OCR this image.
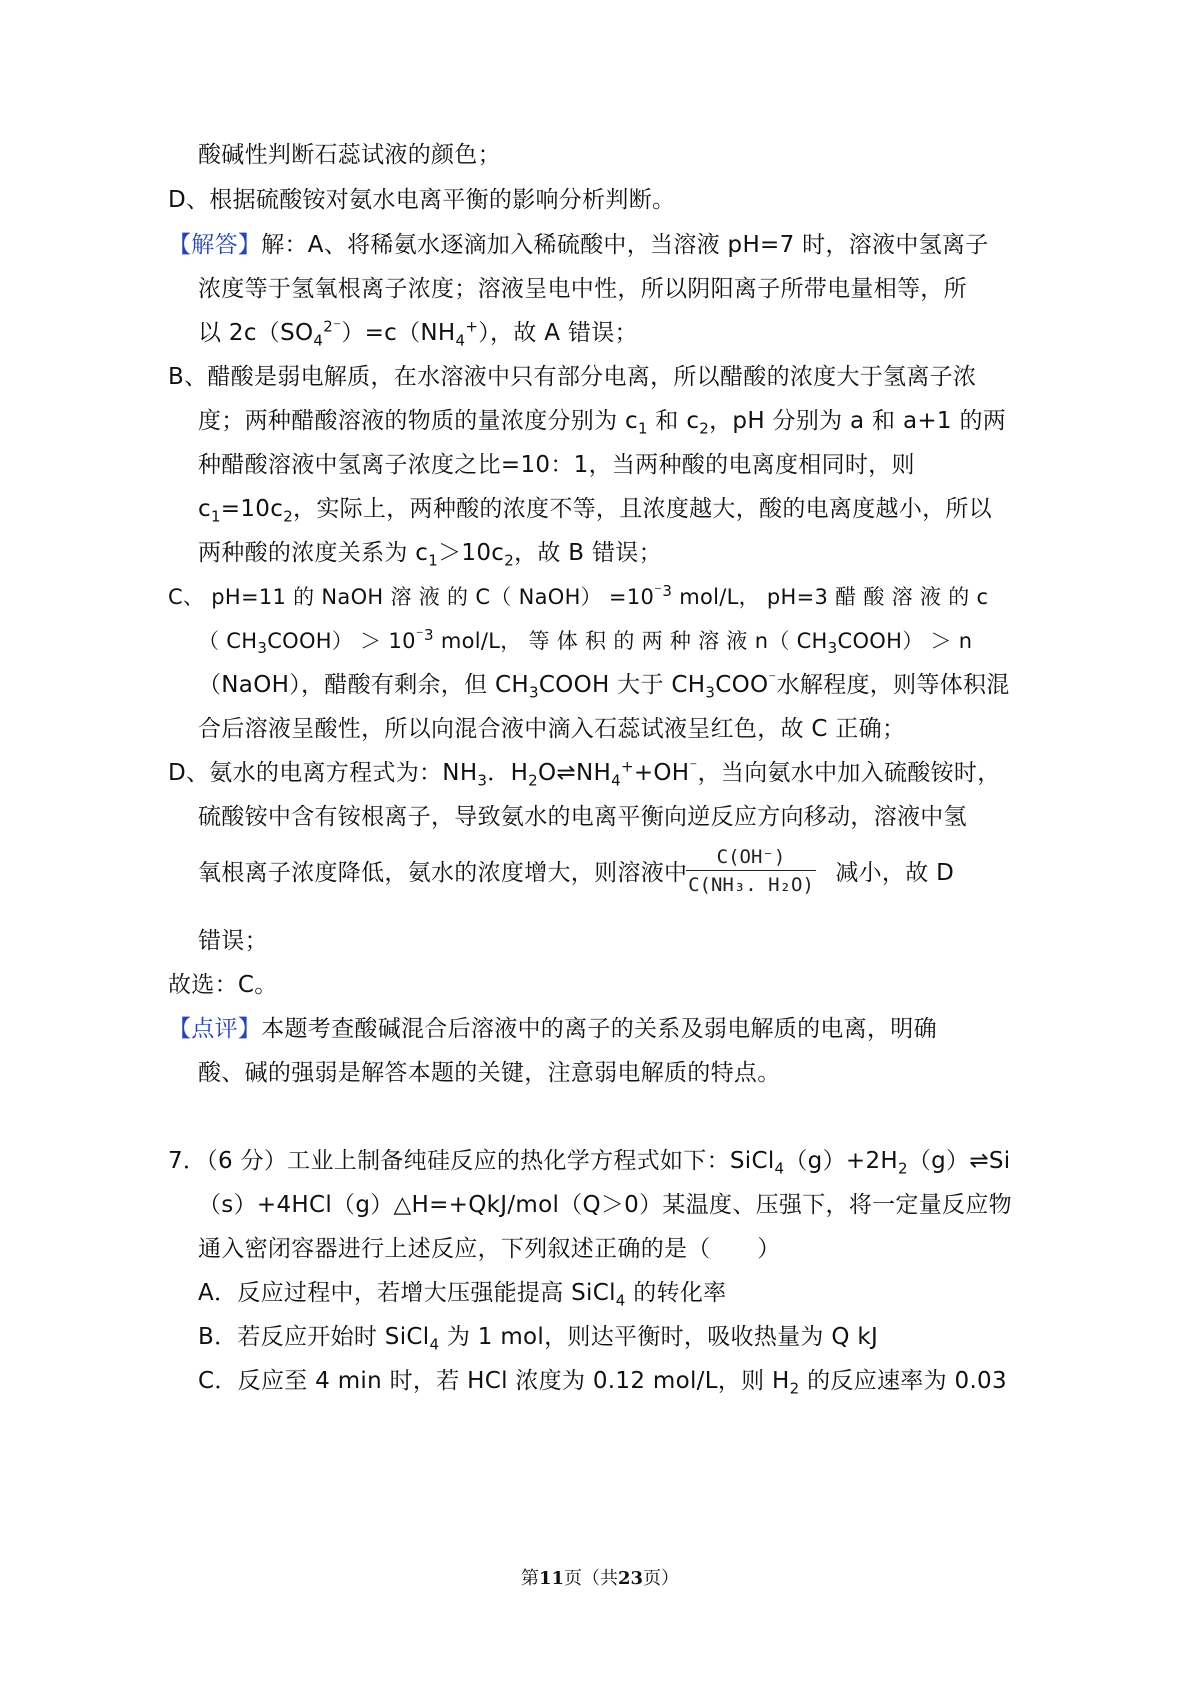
酸碱性判断石蕊试液的颜色；
D、根据硫酸铵对氨水电离平衡的影响分析判断。
【解答】解：A、将稀氨水逐滴加入稀硫酸中，当溶液 pH=7 时，溶液中氢离子
浓度等于氢氧根离子浓度；溶液呈电中性，所以阴阳离子所带电量相等，所
以 $2c(SO_4^{2^-})=c(NH_4^+)$，故 A 错误；
B、醋酸是弱电解质，在水溶液中只有部分电离，所以醋酸的浓度大于氢离子浓
度；两种醋酸溶液的物质的量浓度分别为 $c_1$ 和 $c_2$，pH 分别为 a 和 a+1 的两
种醋酸溶液中氢离子浓度之比=10：1，当两种酸的电离度相同时，则
$c_1=10c_2$，实际上，两种酸的浓度不等，且浓度越大，酸的电离度越小，所以
两种酸的浓度关系为 $c_1>10c_2$，故 B 错误；
C、 pH=11 的 NaOH 溶 液 的 C（ NaOH） $=10^{^-3}$ mol/L， pH=3 醋 酸 溶 液 的 c
（ $CH_3COOH) > 10^{^-3}$ mol/L， 等 体 积 的 两 种 溶 液 n（ $CH_3COOH) > n$
（NaOH），醋酸有剩余，但 $CH_3COOH$ 大于 $CH_3COO^{^-}$水解程度，则等体积混
合后溶液呈酸性，所以向混合液中滴入石蕊试液呈红色，故 C 正确；
D、氨水的电离方程式为：$NH_3$．$H_2O\rightleftharpoons NH_4^++OH^{^-}$，当向氨水中加入硫酸铵时，
硫酸铵中含有铵根离子，导致氨水的电离平衡向逆反应方向移动，溶液中氢
氧根离子浓度降低，氨水的浓度增大，则溶液中	减小，故 D
C(OH⁻)
C(NH₃. H₂O)
错误；
故选：C。
【点评】本题考查酸碱混合后溶液中的离子的关系及弱电解质的电离，明确
酸、碱的强弱是解答本题的关键，注意弱电解质的特点。
7．（6 分）工业上制备纯硅反应的热化学方程式如下：$SiCl_4(g)+2H_2(g)\rightleftharpoons Si$
（s）+4HCl（g）△H=+QkJ/mol（Q＞0）某温度、压强下，将一定量反应物
通入密闭容器进行上述反应，下列叙述正确的是（　　）
A．反应过程中，若增大压强能提高 SiCl$_4$ 的转化率
B．若反应开始时 SiCl$_4$ 为 1 mol，则达平衡时，吸收热量为 Q kJ
C．反应至 4 min 时，若 HCl 浓度为 0.12 mol/L，则 $H_2$ 的反应速率为 0.03
第11页（共23页）
